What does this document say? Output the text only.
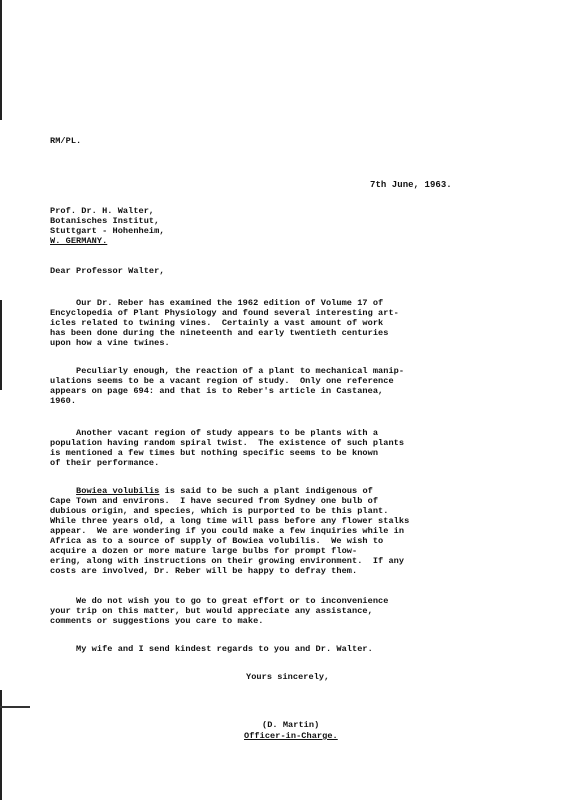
RM/PL.
7th June, 1963.
Prof. Dr. H. Walter,
Botanisches Institut,
Stuttgart - Hohenheim,
W. GERMANY.
Dear Professor Walter,
Our Dr. Reber has examined the 1962 edition of Volume 17 of
Encyclopedia of Plant Physiology and found several interesting art-
icles related to twining vines.  Certainly a vast amount of work
has been done during the nineteenth and early twentieth centuries
upon how a vine twines.
Peculiarly enough, the reaction of a plant to mechanical manip-
ulations seems to be a vacant region of study.  Only one reference
appears on page 694: and that is to Reber's article in Castanea,
1960.
Another vacant region of study appears to be plants with a
population having random spiral twist.  The existence of such plants
is mentioned a few times but nothing specific seems to be known
of their performance.
Bowiea volubilis is said to be such a plant indigenous of
Cape Town and environs.  I have secured from Sydney one bulb of
dubious origin, and species, which is purported to be this plant.
While three years old, a long time will pass before any flower stalks
appear.  We are wondering if you could make a few inquiries while in
Africa as to a source of supply of Bowiea volubilis.  We wish to
acquire a dozen or more mature large bulbs for prompt flow-
ering, along with instructions on their growing environment.  If any
costs are involved, Dr. Reber will be happy to defray them.
We do not wish you to go to great effort or to inconvenience
your trip on this matter, but would appreciate any assistance,
comments or suggestions you care to make.
My wife and I send kindest regards to you and Dr. Walter.
Yours sincerely,
(D. Martin)
Officer-in-Charge.
